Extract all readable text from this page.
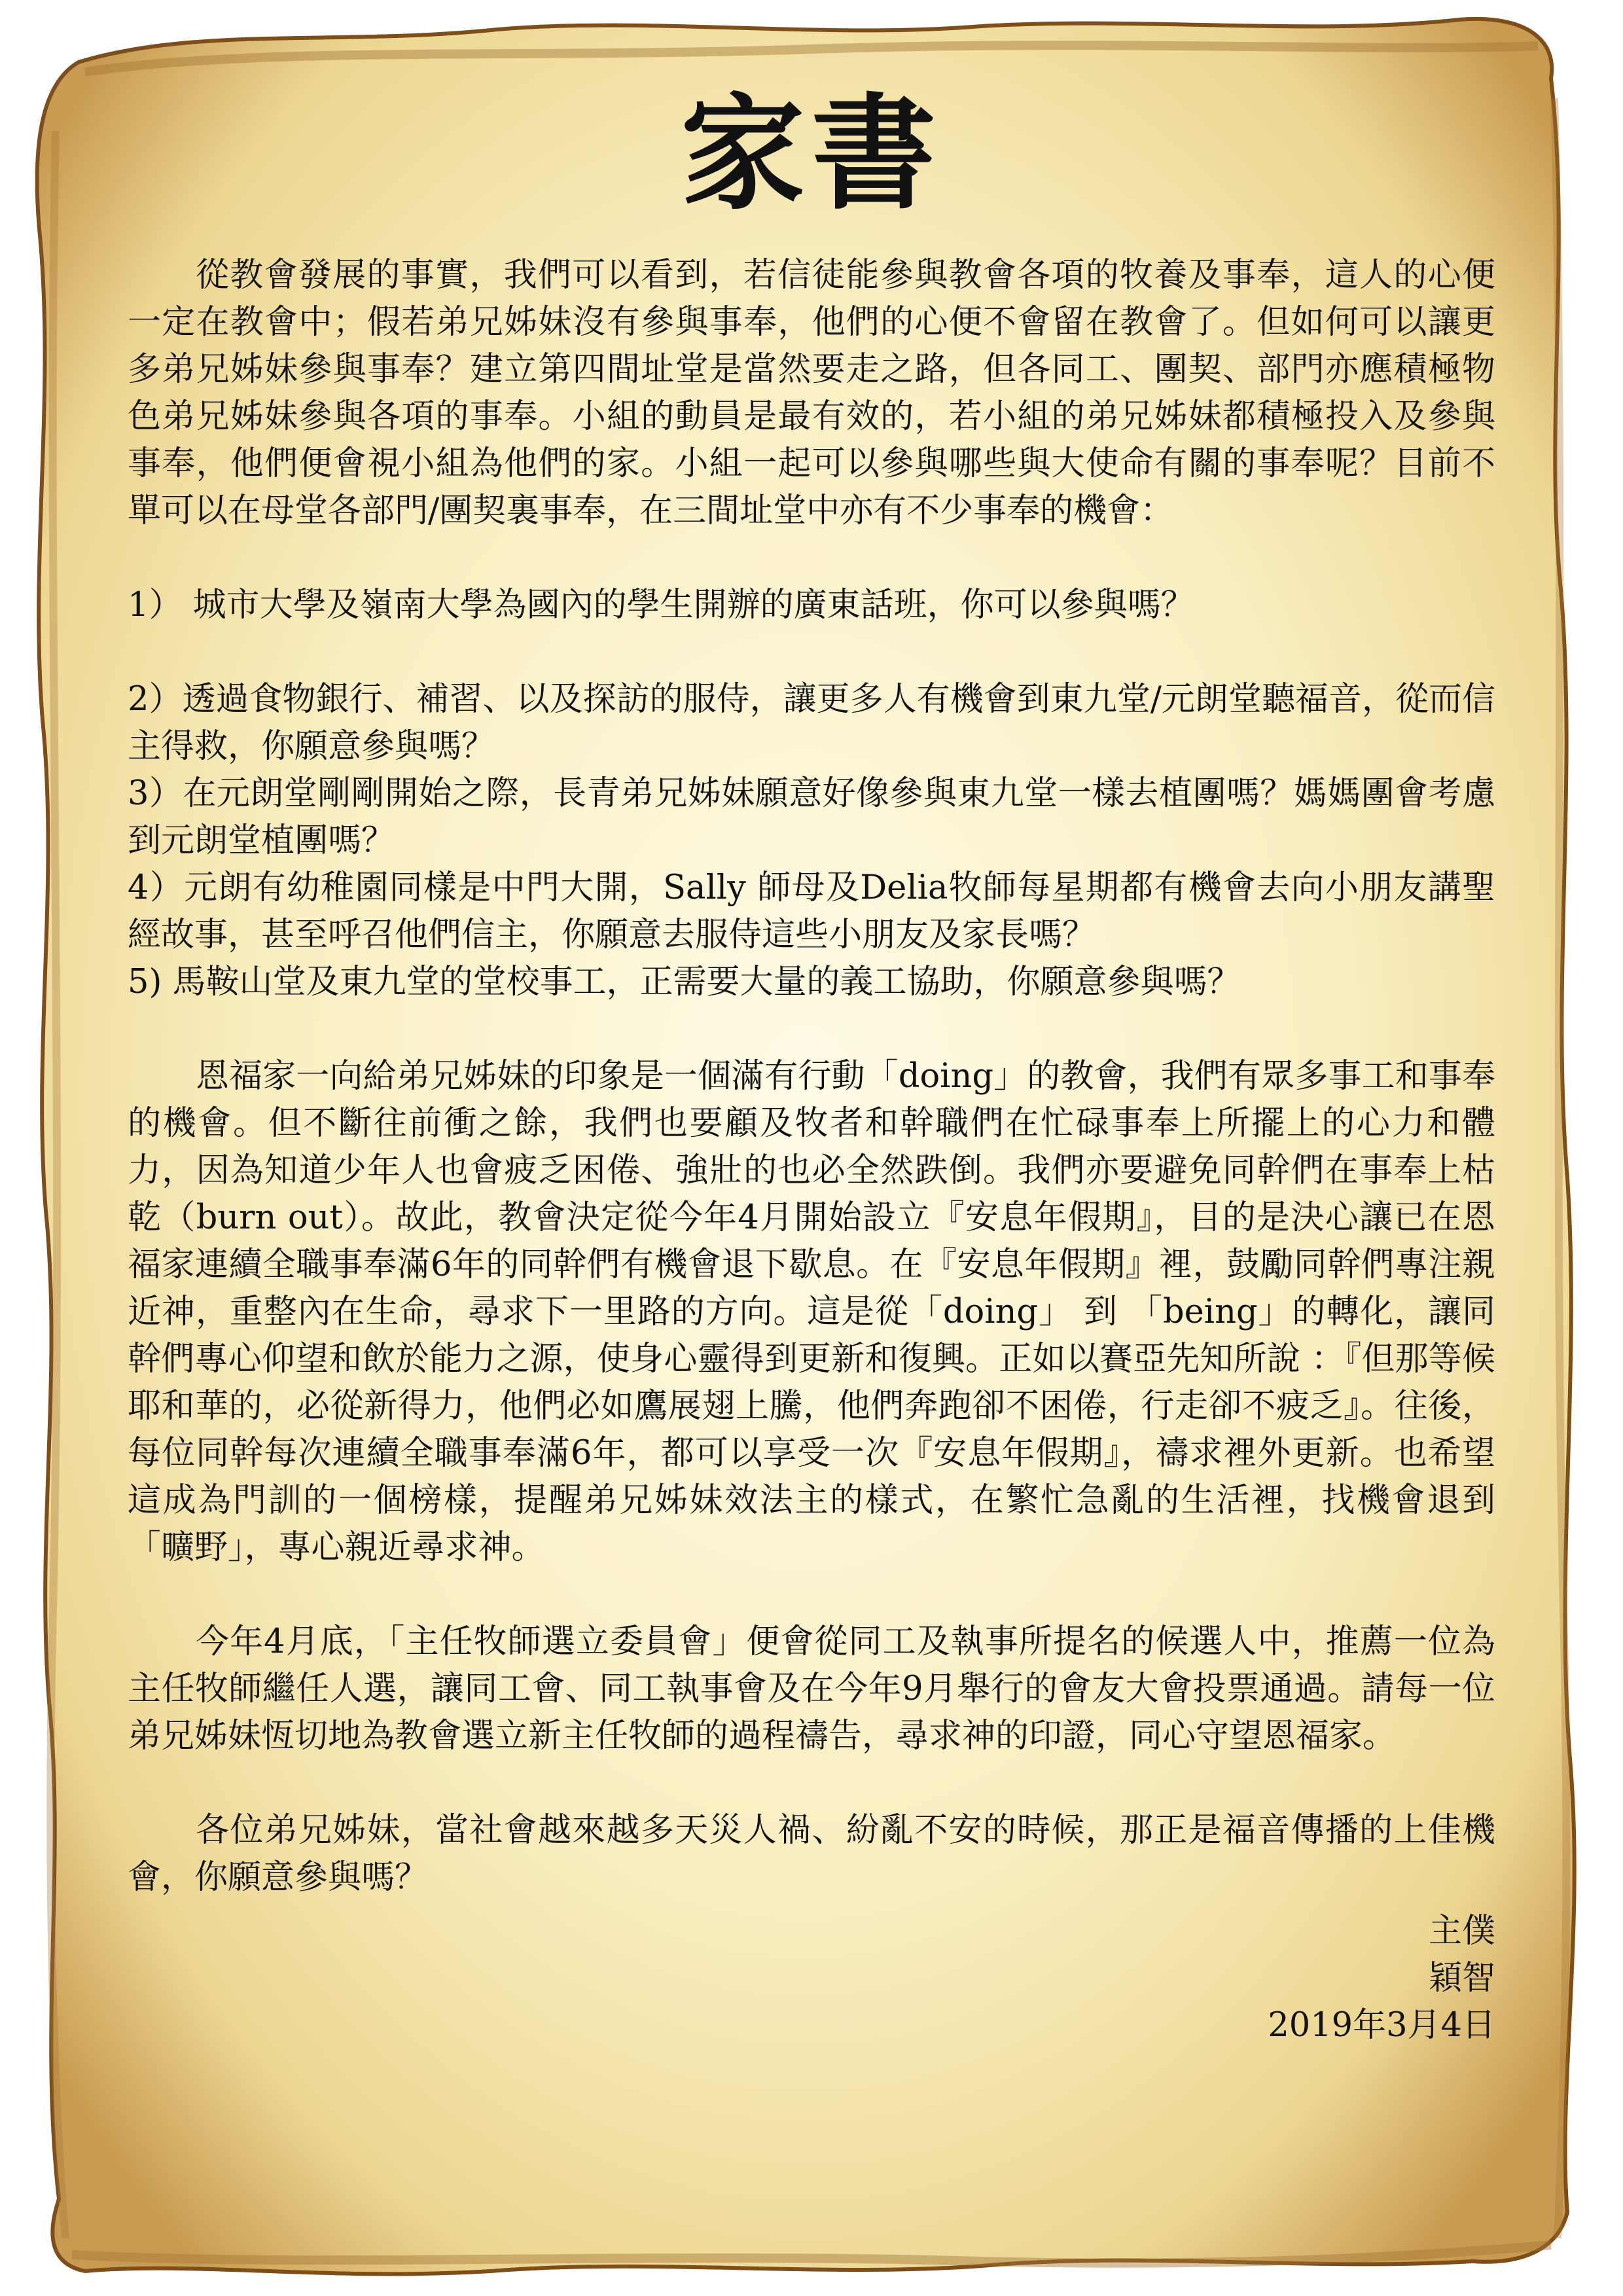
家書

從教會發展的事實，我們可以看到，若信徒能參與教會各項的牧養及事奉，這人的心便一定在教會中；假若弟兄姊妹沒有參與事奉，他們的心便不會留在教會了。但如何可以讓更多弟兄姊妹參與事奉？建立第四間址堂是當然要走之路，但各同工、團契、部門亦應積極物色弟兄姊妹參與各項的事奉。小組的動員是最有效的，若小組的弟兄姊妹都積極投入及參與事奉，他們便會視小組為他們的家。小組一起可以參與哪些與大使命有關的事奉呢？目前不單可以在母堂各部門/團契裏事奉，在三間址堂中亦有不少事奉的機會：

1） 城市大學及嶺南大學為國內的學生開辦的廣東話班，你可以參與嗎？

2）透過食物銀行、補習、以及探訪的服侍，讓更多人有機會到東九堂/元朗堂聽福音，從而信主得救，你願意參與嗎？

3）在元朗堂剛剛開始之際，長青弟兄姊妹願意好像參與東九堂一樣去植團嗎？媽媽團會考慮到元朗堂植團嗎？

4）元朗有幼稚園同樣是中門大開，Sally 師母及Delia牧師每星期都有機會去向小朋友講聖經故事，甚至呼召他們信主，你願意去服侍這些小朋友及家長嗎？

5) 馬鞍山堂及東九堂的堂校事工，正需要大量的義工協助，你願意參與嗎？

恩福家一向給弟兄姊妹的印象是一個滿有行動「doing」的教會，我們有眾多事工和事奉的機會。但不斷往前衝之餘，我們也要顧及牧者和幹職們在忙碌事奉上所擺上的心力和體力，因為知道少年人也會疲乏困倦、強壯的也必全然跌倒。我們亦要避免同幹們在事奉上枯乾（burn out）。故此，教會決定從今年4月開始設立『安息年假期』，目的是決心讓已在恩福家連續全職事奉滿6年的同幹們有機會退下歇息。在『安息年假期』裡，鼓勵同幹們專注親近神，重整內在生命，尋求下一里路的方向。這是從「doing」 到 「being」的轉化，讓同幹們專心仰望和飲於能力之源，使身心靈得到更新和復興。正如以賽亞先知所說 ：『但那等候耶和華的，必從新得力，他們必如鷹展翅上騰，他們奔跑卻不困倦，行走卻不疲乏』。往後，每位同幹每次連續全職事奉滿6年，都可以享受一次『安息年假期』，禱求裡外更新。也希望這成為門訓的一個榜樣，提醒弟兄姊妹效法主的樣式，在繁忙急亂的生活裡，找機會退到「曠野」，專心親近尋求神。

今年4月底，「主任牧師選立委員會」便會從同工及執事所提名的候選人中，推薦一位為主任牧師繼任人選，讓同工會、同工執事會及在今年9月舉行的會友大會投票通過。請每一位弟兄姊妹恆切地為教會選立新主任牧師的過程禱告，尋求神的印證，同心守望恩福家。

各位弟兄姊妹，當社會越來越多天災人禍、紛亂不安的時候，那正是福音傳播的上佳機會，你願意參與嗎？

主僕
穎智
2019年3月4日
